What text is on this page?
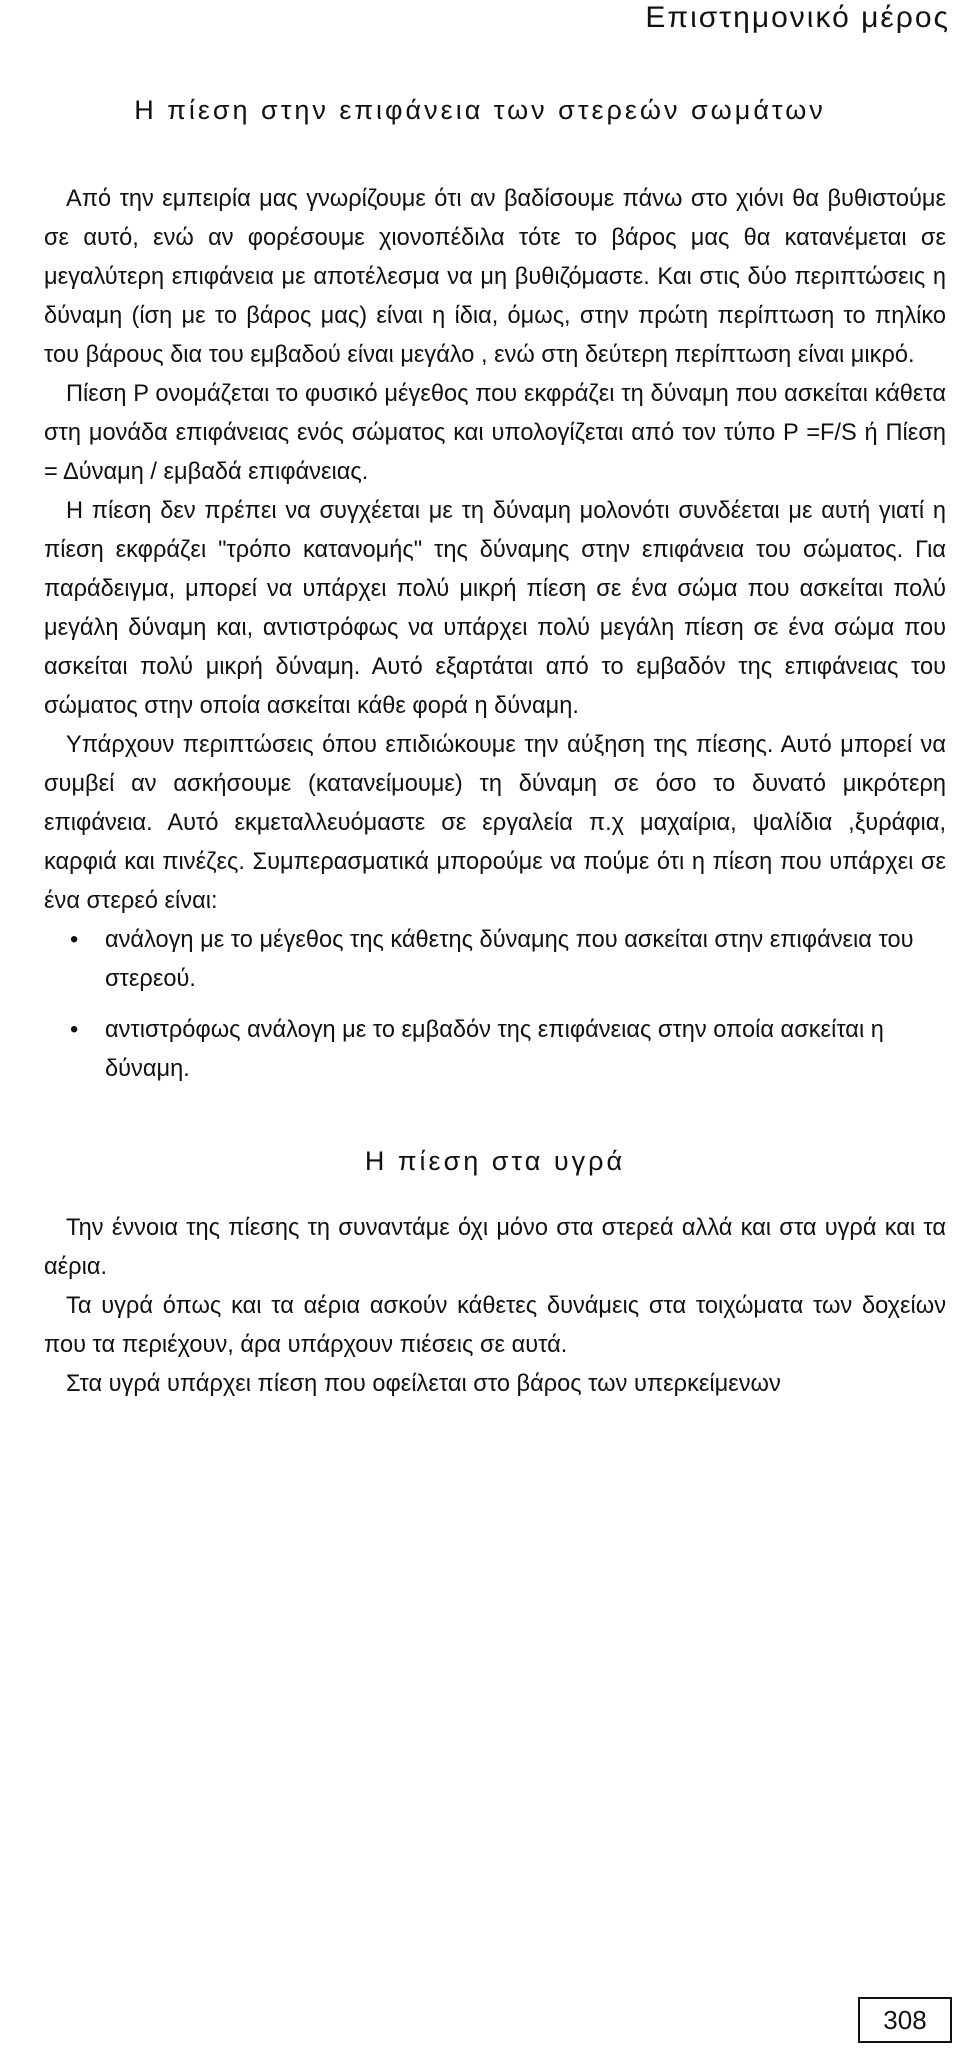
Επιστημονικό μέρος
Η πίεση στην επιφάνεια των στερεών σωμάτων

Από την εμπειρία μας γνωρίζουμε ότι αν βαδίσουμε πάνω στο χιόνι θα βυθιστούμε σε αυτό, ενώ αν φορέσουμε χιονοπέδιλα τότε το βάρος μας θα κατανέμεται σε μεγαλύτερη επιφάνεια με αποτέλεσμα να μη βυθιζόμαστε. Και στις δύο περιπτώσεις η δύναμη (ίση με το βάρος μας) είναι η ίδια, όμως, στην πρώτη περίπτωση το πηλίκο του βάρους δια του εμβαδού είναι μεγάλο , ενώ στη δεύτερη περίπτωση είναι μικρό.

Πίεση P ονομάζεται το φυσικό μέγεθος που εκφράζει τη δύναμη που ασκείται κάθετα στη μονάδα επιφάνειας ενός σώματος και υπολογίζεται από τον τύπο P =F/S ή Πίεση = Δύναμη / εμβαδά επιφάνειας.

Η πίεση δεν πρέπει να συγχέεται με τη δύναμη μολονότι συνδέεται με αυτή γιατί η πίεση εκφράζει "τρόπο κατανομής" της δύναμης στην επιφάνεια του σώματος. Για παράδειγμα, μπορεί να υπάρχει πολύ μικρή πίεση σε ένα σώμα που ασκείται πολύ μεγάλη δύναμη και, αντιστρόφως να υπάρχει πολύ μεγάλη πίεση σε ένα σώμα που ασκείται πολύ μικρή δύναμη. Αυτό εξαρτάται από το εμβαδόν της επιφάνειας του σώματος στην οποία ασκείται κάθε φορά η δύναμη.

Υπάρχουν περιπτώσεις όπου επιδιώκουμε την αύξηση της πίεσης. Αυτό μπορεί να συμβεί αν ασκήσουμε (κατανείμουμε) τη δύναμη σε όσο το δυνατό μικρότερη επιφάνεια. Αυτό εκμεταλλευόμαστε σε εργαλεία π.χ μαχαίρια, ψαλίδια ,ξυράφια, καρφιά και πινέζες. Συμπερασματικά μπορούμε να πούμε ότι η πίεση που υπάρχει σε ένα στερεό είναι:

• ανάλογη με το μέγεθος της κάθετης δύναμης που ασκείται στην επιφάνεια του στερεού.
• αντιστρόφως ανάλογη με το εμβαδόν της επιφάνειας στην οποία ασκείται η δύναμη.
Η πίεση στα υγρά

Την έννοια της πίεσης τη συναντάμε όχι μόνο στα στερεά αλλά και στα υγρά και τα αέρια.

Τα υγρά όπως και τα αέρια ασκούν κάθετες δυνάμεις στα τοιχώματα των δοχείων που τα περιέχουν, άρα υπάρχουν πιέσεις σε αυτά.

Στα υγρά υπάρχει πίεση που οφείλεται στο βάρος των υπερκείμενων

308
